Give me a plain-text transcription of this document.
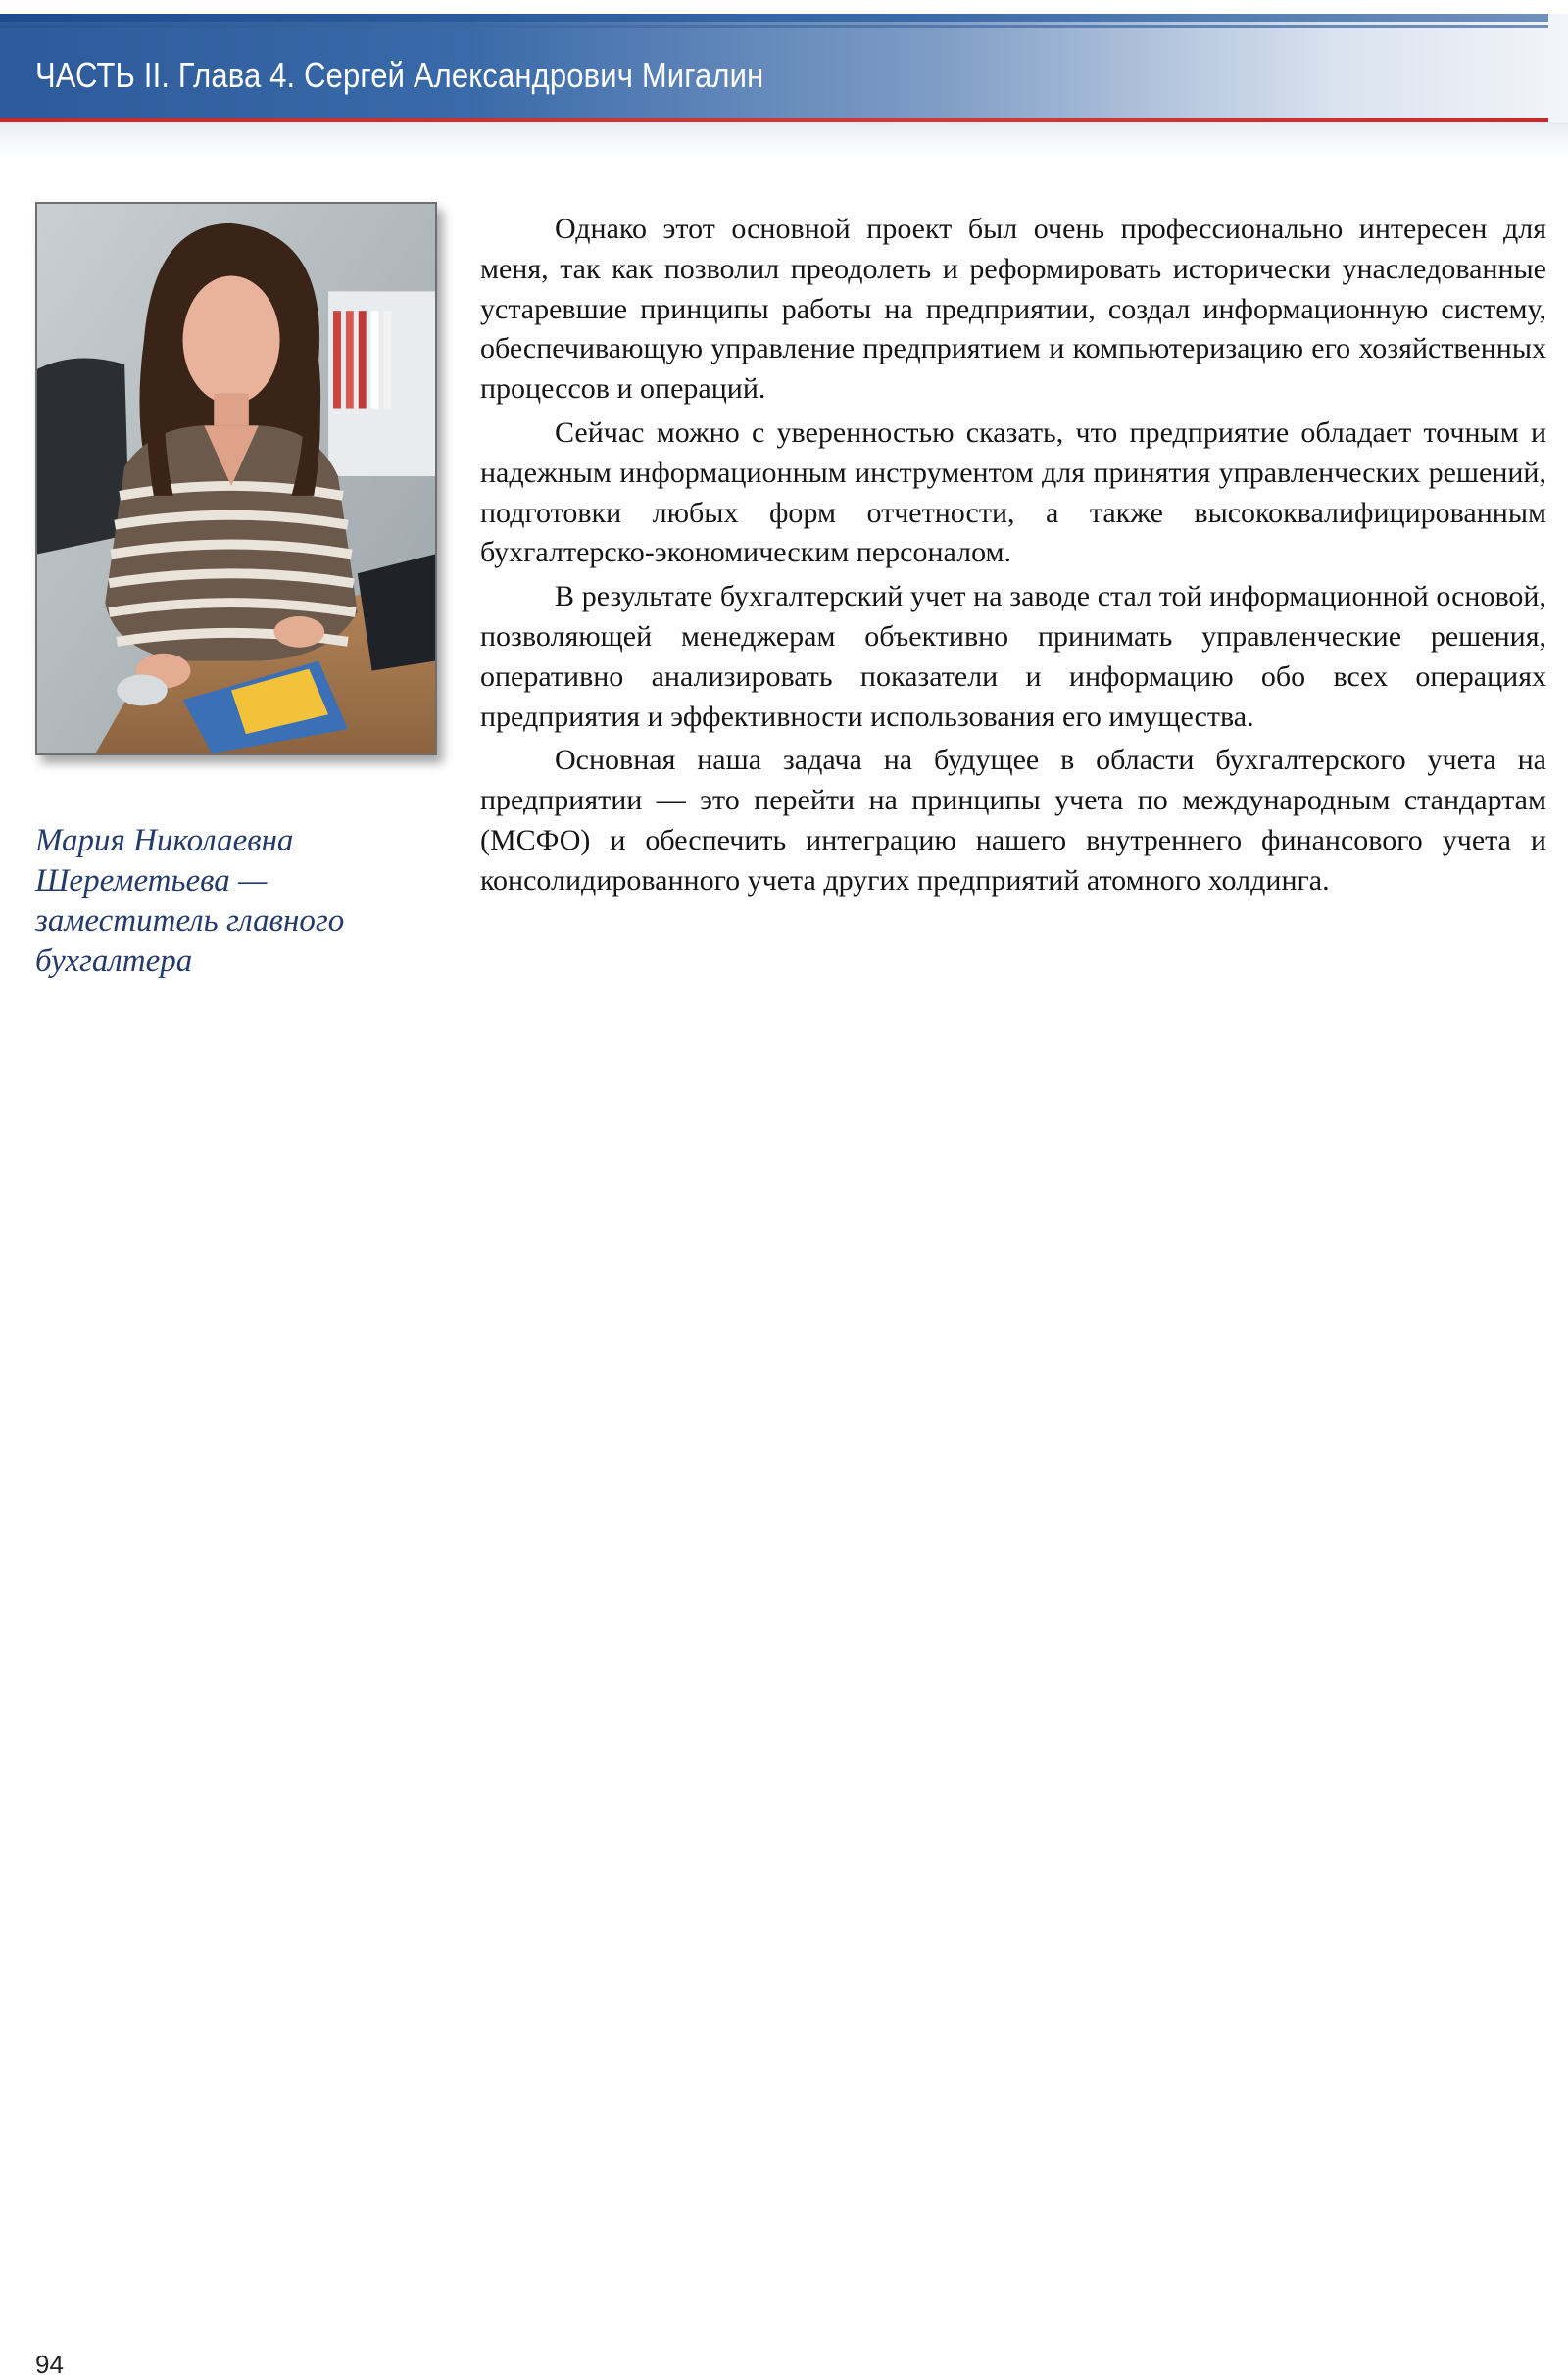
ЧАСТЬ II. Глава 4. Сергей Александрович Мигалин
Мария Николаевна
Шереметьева —
заместитель главного
бухгалтера

Однако этот основной проект был очень профессионально интересен для меня, так как позволил преодолеть и реформировать исторически унаследованные устаревшие принципы работы на предприятии, создал информационную систему, обеспечивающую управление предприятием и компьютеризацию его хозяйственных процессов и операций.

Сейчас можно с уверенностью сказать, что предприятие обладает точным и надежным информационным инструментом для принятия управленческих решений, подготовки любых форм отчетности, а также высококвалифицированным бухгалтерско-экономическим персоналом.

В результате бухгалтерский учет на заводе стал той информационной основой, позволяющей менеджерам объективно принимать управленческие решения, оперативно анализировать показатели и информацию обо всех операциях предприятия и эффективности использования его имущества.

Основная наша задача на будущее в области бухгалтерского учета на предприятии — это перейти на принципы учета по международным стандартам (МСФО) и обеспечить интеграцию нашего внутреннего финансового учета и консолидированного учета других предприятий атомного холдинга.

94
